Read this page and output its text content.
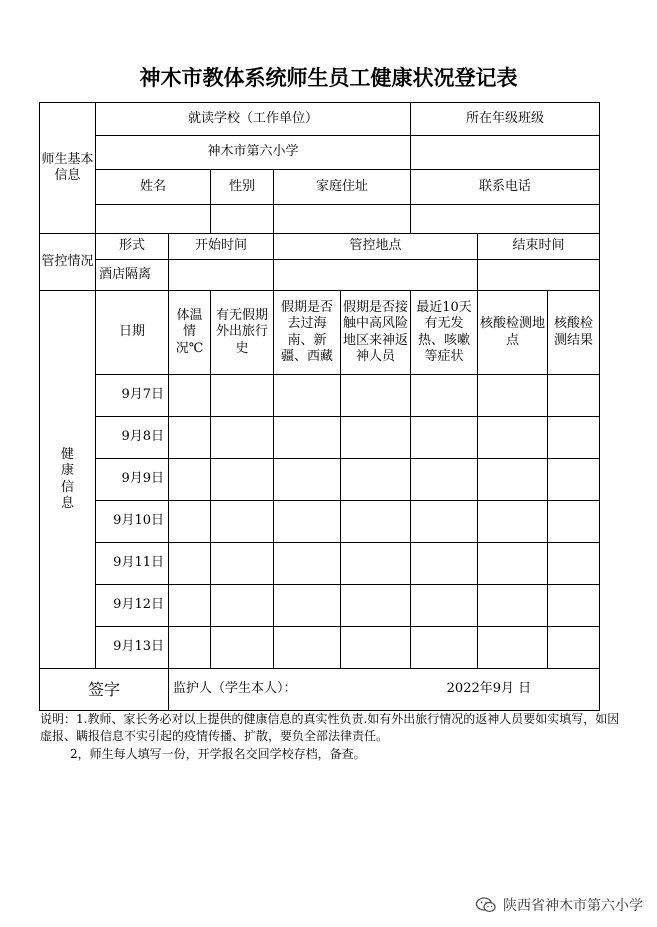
神木市教体系统师生员工健康状况登记表
师生基本信息	就读学校（工作单位）					所在年级班级		
	神木市第六小学							
	姓名		性别	家庭住址		联系电话		

管控情况	形式	开始时间		管控地点			结束时间	
	酒店隔离							

健康信息	日期	体温情况℃	有无假期外出旅行史	假期是否去过海南、新疆、西藏	假期是否接触中高风险地区来神返神人员	最近10天有无发热、咳嗽等症状	核酸检测地点	核酸检测结果

	9月7日							
	9月8日							
	9月9日							
	9月10日							
	9月11日							
	9月12日							
	9月13日							
签字		监护人（学生本人）： 2022年9月 日						

说明：1.教师、家长务必对以上提供的健康信息的真实性负责.如有外出旅行情况的返神人员要如实填写，如因虚报、瞒报信息不实引起的疫情传播、扩散，要负全部法律责任。

2，师生每人填写一份，开学报名交回学校存档，备查。

陕西省神木市第六小学
